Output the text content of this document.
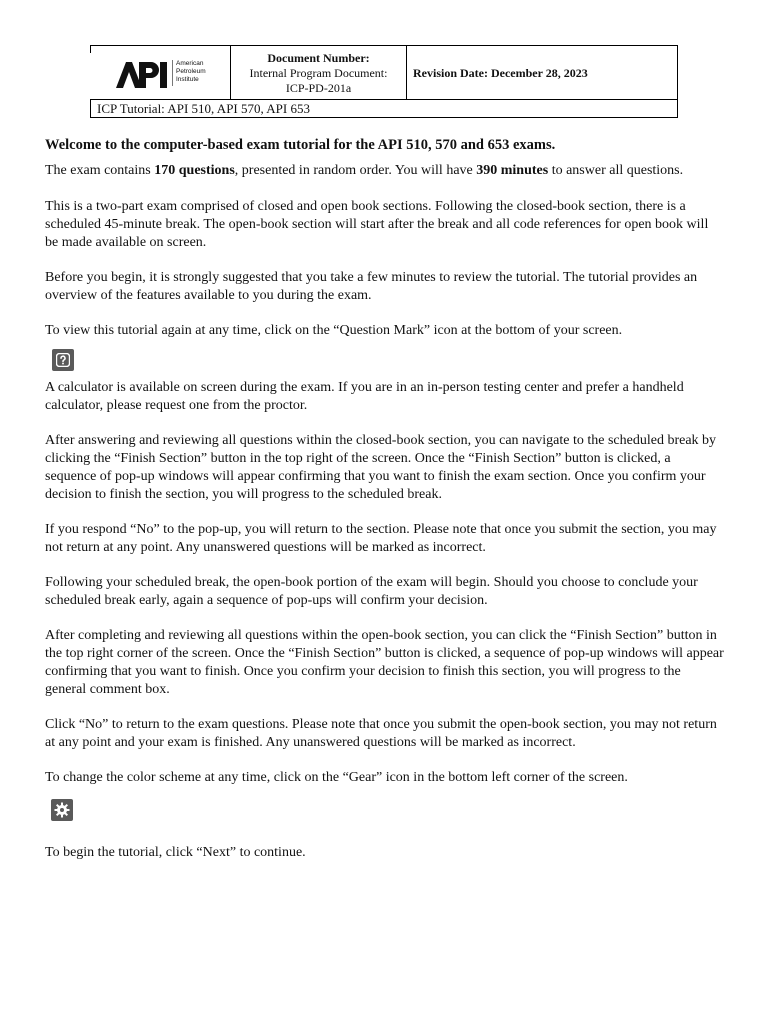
American
Petroleum
Institute
Document Number:
Internal Program Document:
ICP-PD-201a
Revision Date: December 28, 2023
ICP Tutorial: API 510, API 570, API 653
Welcome to the computer-based exam tutorial for the API 510, 570 and 653 exams.

The exam contains 170 questions, presented in random order. You will have 390 minutes to answer all questions.

This is a two-part exam comprised of closed and open book sections. Following the closed-book section, there is a scheduled 45-minute break. The open-book section will start after the break and all code references for open book will be made available on screen.

Before you begin, it is strongly suggested that you take a few minutes to review the tutorial. The tutorial provides an overview of the features available to you during the exam.

To view this tutorial again at any time, click on the “Question Mark” icon at the bottom of your screen.

A calculator is available on screen during the exam. If you are in an in-person testing center and prefer a handheld calculator, please request one from the proctor.

After answering and reviewing all questions within the closed-book section, you can navigate to the scheduled break by clicking the “Finish Section” button in the top right of the screen. Once the “Finish Section” button is clicked, a sequence of pop-up windows will appear confirming that you want to finish the exam section. Once you confirm your decision to finish the section, you will progress to the scheduled break.

If you respond “No” to the pop-up, you will return to the section. Please note that once you submit the section, you may not return at any point. Any unanswered questions will be marked as incorrect.

Following your scheduled break, the open-book portion of the exam will begin. Should you choose to conclude your scheduled break early, again a sequence of pop-ups will confirm your decision.

After completing and reviewing all questions within the open-book section, you can click the “Finish Section” button in the top right corner of the screen. Once the “Finish Section” button is clicked, a sequence of pop-up windows will appear confirming that you want to finish. Once you confirm your decision to finish this section, you will progress to the general comment box.

Click “No” to return to the exam questions. Please note that once you submit the open-book section, you may not return at any point and your exam is finished. Any unanswered questions will be marked as incorrect.

To change the color scheme at any time, click on the “Gear” icon in the bottom left corner of the screen.

To begin the tutorial, click “Next” to continue.
